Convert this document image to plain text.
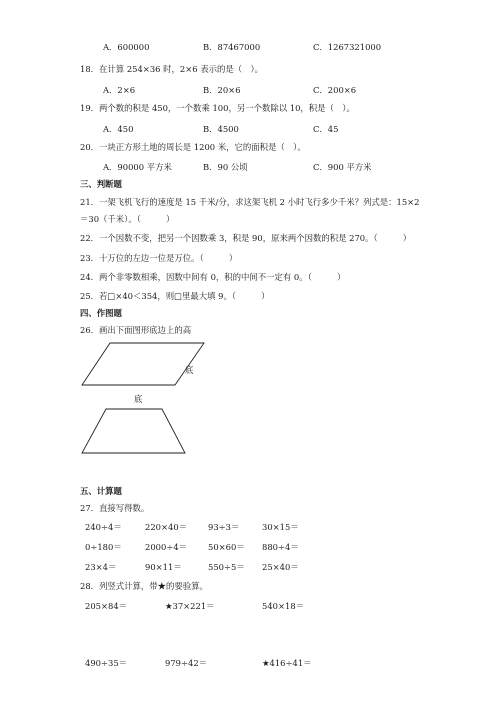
A．600000	B．87467000	C．1267321000
18．在计算 254×36 时，2×6 表示的是（　）。
A．2×6	B．20×6	C．200×6
19．两个数的积是 450，一个数乘 100，另一个数除以 10，积是（　）。
A．450	B．4500	C．45
20．一块正方形土地的周长是 1200 米，它的面积是（　）。
A．90000 平方米	B．90 公顷	C．900 平方米
三、判断题
21．一架飞机飞行的速度是 15 千米/分，求这架飞机 2 小时飞行多少千米？列式是：15×2
＝30（千米）。（　　　）
22．一个因数不变，把另一个因数乘 3，积是 90，原来两个因数的积是 270。（　　　）
23．十万位的左边一位是万位。（　　　）
24．两个非零数相乘，因数中间有 0，积的中间不一定有 0。（　　　）
25．若□×40＜354，则□里最大填 9。（　　　）
四、作图题
26．画出下面图形底边上的高
底
底
五、计算题
27．直接写得数。
240÷4＝	220×40＝ 93÷3＝	30×15＝
0÷180＝	2000÷4＝ 50×60＝ 880÷4＝
23×4＝	90×11＝	550÷5＝ 25×40＝
28．列竖式计算，带★的要验算。
205×84＝	★37×221＝	540×18＝
490÷35＝	979÷42＝	★416÷41＝
